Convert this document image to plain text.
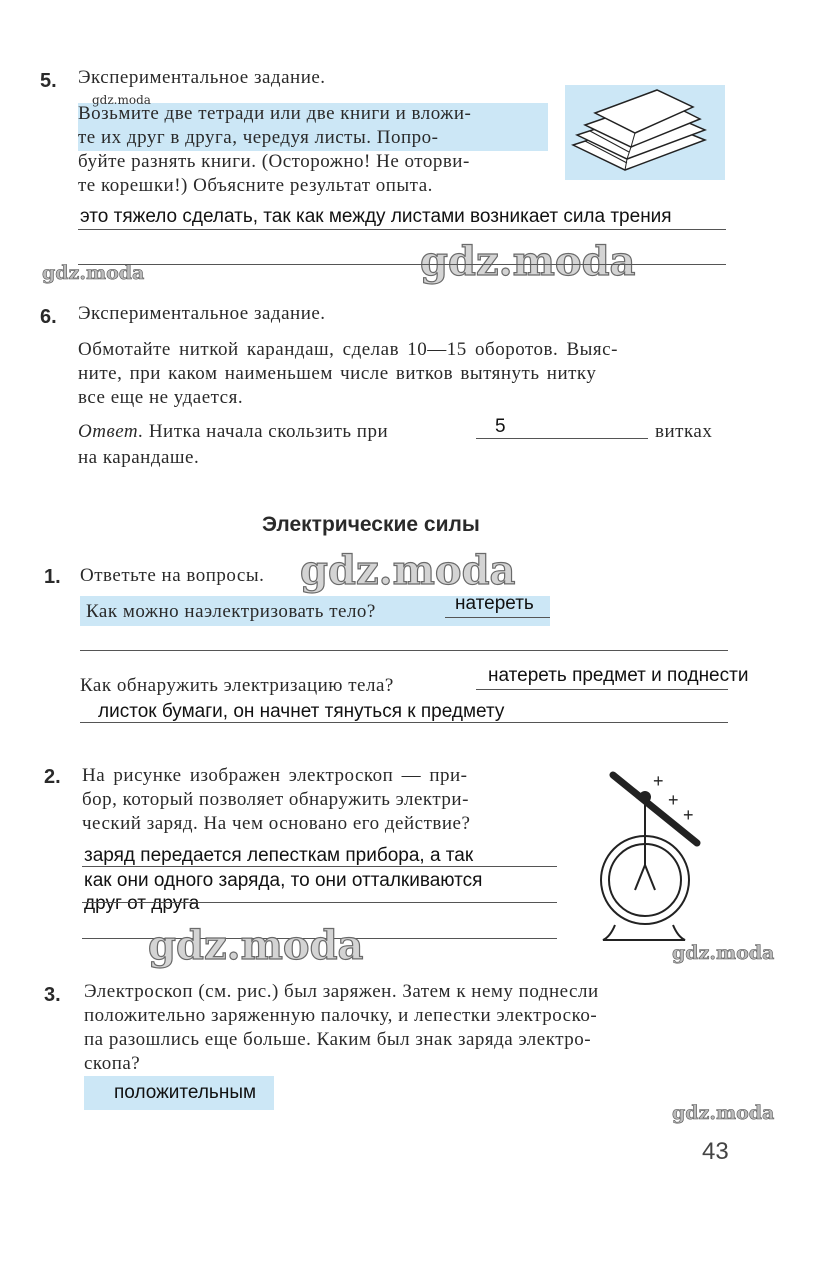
5. Экспериментальное задание.
gdz.moda
Возьмите две тетради или две книги и вложи-
те их друг в друга, чередуя листы. Попро-
буйте разнять книги. (Осторожно! Не оторви-
те корешки!) Объясните результат опыта.
это тяжело сделать, так как между листами возникает сила трения
gdz.moda	gdz.moda
6. Экспериментальное задание.
Обмотайте ниткой карандаш, сделав 10—15 оборотов. Выяс-
ните, при каком наименьшем числе витков вытянуть нитку
все еще не удается.
Ответ. Нитка начала скользить при	5	витках
на карандаше.
Электрические силы
1. Ответьте на вопросы. gdz.moda
Как можно наэлектризовать тело?	натереть
Как обнаружить электризацию тела?	натереть предмет и поднести
листок бумаги, он начнет тянуться к предмету
2. На рисунке изображен электроскоп — при-
бор, который позволяет обнаружить электри-
ческий заряд. На чем основано его действие?
заряд передается лепесткам прибора, а так
как они одного заряда, то они отталкиваются
друг от друга
gdz.moda
+
+
+
gdz.moda
3. Электроскоп (см. рис.) был заряжен. Затем к нему поднесли
положительно заряженную палочку, и лепестки электроско-
па разошлись еще больше. Каким был знак заряда электро-
скопа?
положительным
gdz.moda
43
